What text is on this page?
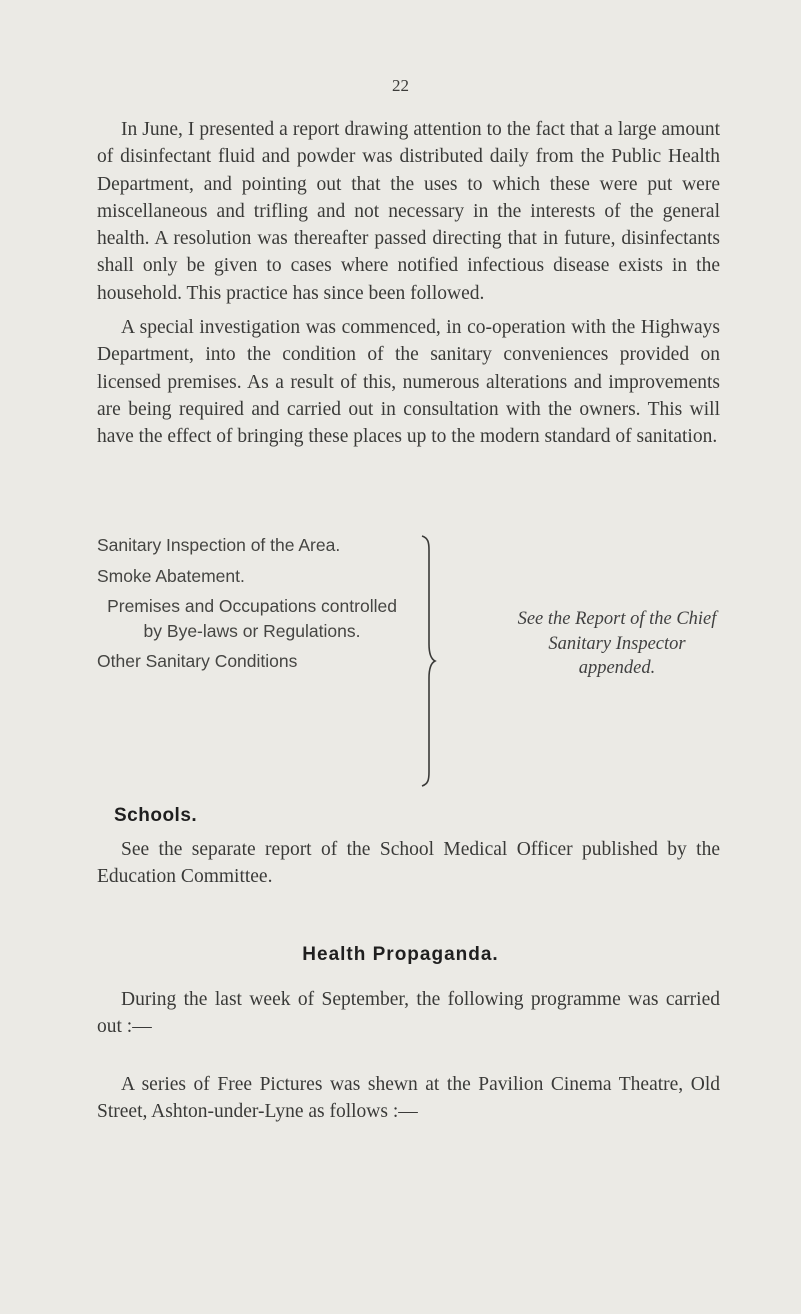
22

In June, I presented a report drawing attention to the fact that a large amount of disinfectant fluid and powder was distributed daily from the Public Health Department, and pointing out that the uses to which these were put were miscellaneous and trifling and not necessary in the interests of the general health. A resolution was thereafter passed directing that in future, disinfectants shall only be given to cases where notified infectious disease exists in the household. This practice has since been followed.

A special investigation was commenced, in co-operation with the Highways Department, into the condition of the sanitary conveniences provided on licensed premises. As a result of this, numerous alterations and improvements are being required and carried out in consultation with the owners. This will have the effect of bringing these places up to the modern standard of sanitation.

Sanitary Inspection of the Area.
Smoke Abatement.
Premises and Occupations controlled by Bye-laws or Regulations.
Other Sanitary Conditions
See the Report of the Chief Sanitary Inspector appended.
Schools.

See the separate report of the School Medical Officer published by the Education Committee.

Health Propaganda.

During the last week of September, the following programme was carried out :—

A series of Free Pictures was shewn at the Pavilion Cinema Theatre, Old Street, Ashton-under-Lyne as follows :—
